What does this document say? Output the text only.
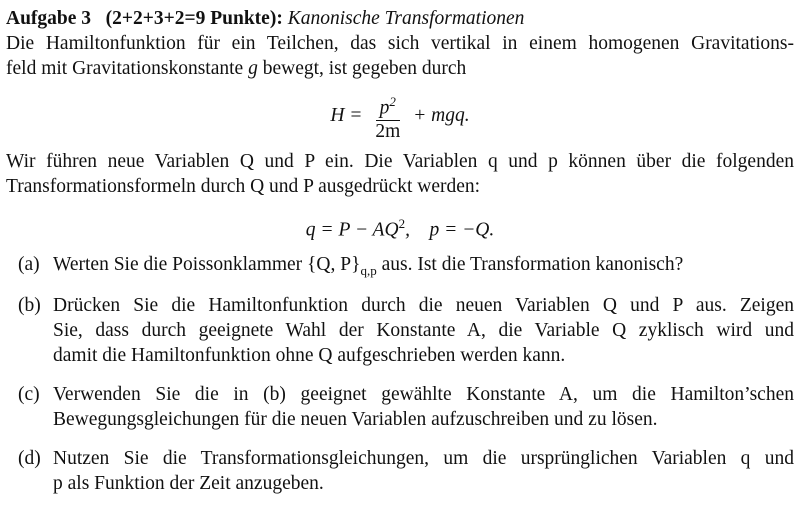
Aufgabe 3 (2+2+3+2=9 Punkte): Kanonische Transformationen
Die Hamiltonfunktion für ein Teilchen, das sich vertikal in einem homogenen Gravitations-
feld mit Gravitationskonstante g bewegt, ist gegeben durch
$H = \frac{p^2}{2m}$ + mgq.
Wir führen neue Variablen Q und P ein. Die Variablen q und p können über die folgenden
Transformationsformeln durch Q und P ausgedrückt werden:
$q = P - AQ^2$,    p = −Q.
(a) Werten Sie die Poissonklammer {Q, $P\}_{q,p}$ aus. Ist die Transformation kanonisch?
(b) Drücken Sie die Hamiltonfunktion durch die neuen Variablen Q und P aus. Zeigen
Sie, dass durch geeignete Wahl der Konstante A, die Variable Q zyklisch wird und
damit die Hamiltonfunktion ohne Q aufgeschrieben werden kann.
(c) Verwenden Sie die in (b) geeignet gewählte Konstante A, um die Hamilton’schen
Bewegungsgleichungen für die neuen Variablen aufzuschreiben und zu lösen.
(d) Nutzen Sie die Transformationsgleichungen, um die ursprünglichen Variablen q und
p als Funktion der Zeit anzugeben.
